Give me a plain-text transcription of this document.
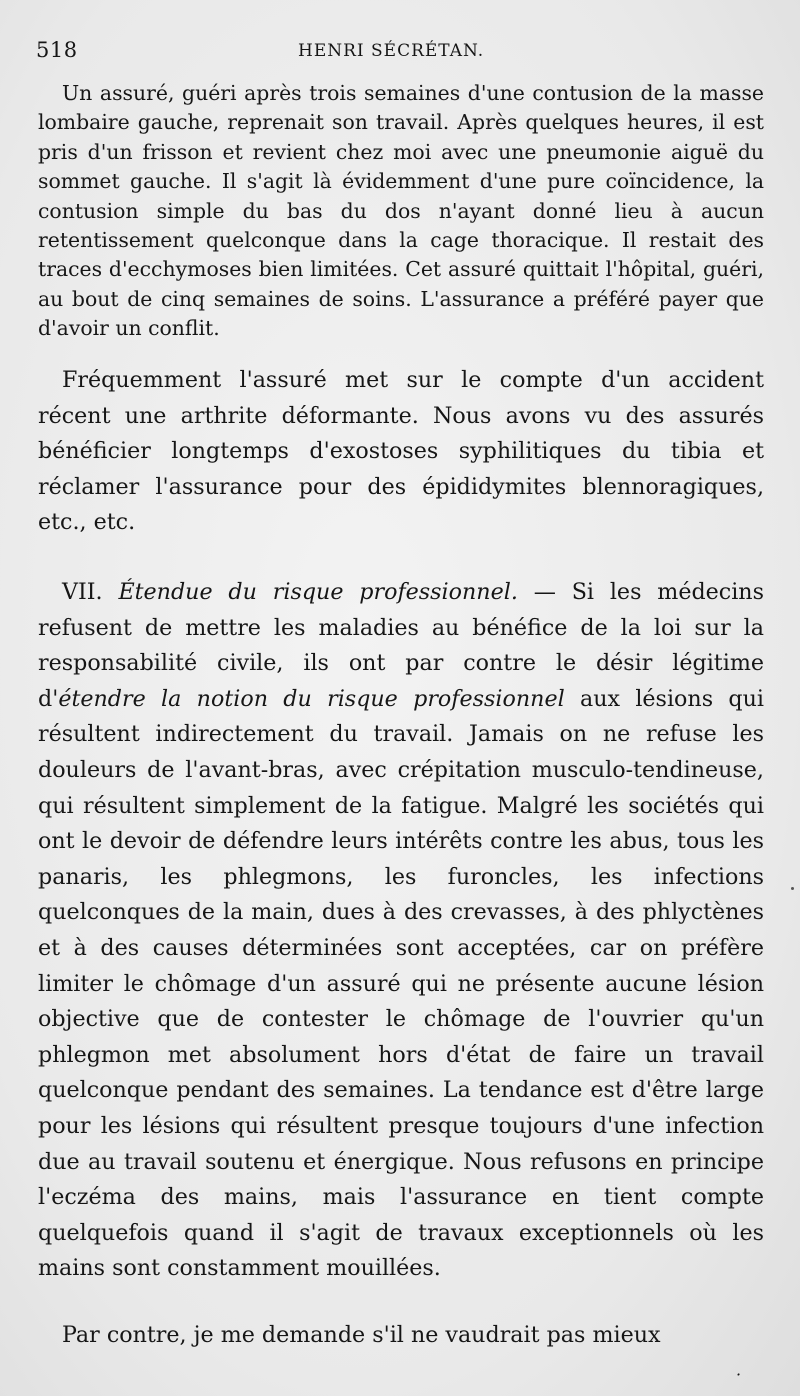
518	HENRI SÉCRÉTAN.

Un assuré, guéri après trois semaines d'une contusion de la masse lombaire gauche, reprenait son travail. Après quelques heures, il est pris d'un frisson et revient chez moi avec une pneumonie aiguë du sommet gauche. Il s'agit là évidemment d'une pure coïncidence, la contusion simple du bas du dos n'ayant donné lieu à aucun retentissement quelconque dans la cage thoracique. Il restait des traces d'ecchymoses bien limitées. Cet assuré quittait l'hôpital, guéri, au bout de cinq semaines de soins. L'assurance a préféré payer que d'avoir un conflit.

Fréquemment l'assuré met sur le compte d'un accident récent une arthrite déformante. Nous avons vu des assurés bénéficier longtemps d'exostoses syphilitiques du tibia et réclamer l'assurance pour des épididymites blennoragiques, etc., etc.

VII. Étendue du risque professionnel. — Si les médecins refusent de mettre les maladies au bénéfice de la loi sur la responsabilité civile, ils ont par contre le désir légitime d'étendre la notion du risque professionnel aux lésions qui résultent indirectement du travail. Jamais on ne refuse les douleurs de l'avant-bras, avec crépitation musculo-tendineuse, qui résultent simplement de la fatigue. Malgré les sociétés qui ont le devoir de défendre leurs intérêts contre les abus, tous les panaris, les phlegmons, les furoncles, les infections quelconques de la main, dues à des crevasses, à des phlyctènes et à des causes déterminées sont acceptées, car on préfère limiter le chômage d'un assuré qui ne présente aucune lésion objective que de contester le chômage de l'ouvrier qu'un phlegmon met absolument hors d'état de faire un travail quelconque pendant des semaines. La tendance est d'être large pour les lésions qui résultent presque toujours d'une infection due au travail soutenu et énergique. Nous refusons en principe l'eczéma des mains, mais l'assurance en tient compte quelquefois quand il s'agit de travaux exceptionnels où les mains sont constamment mouillées.

Par contre, je me demande s'il ne vaudrait pas mieux

·
